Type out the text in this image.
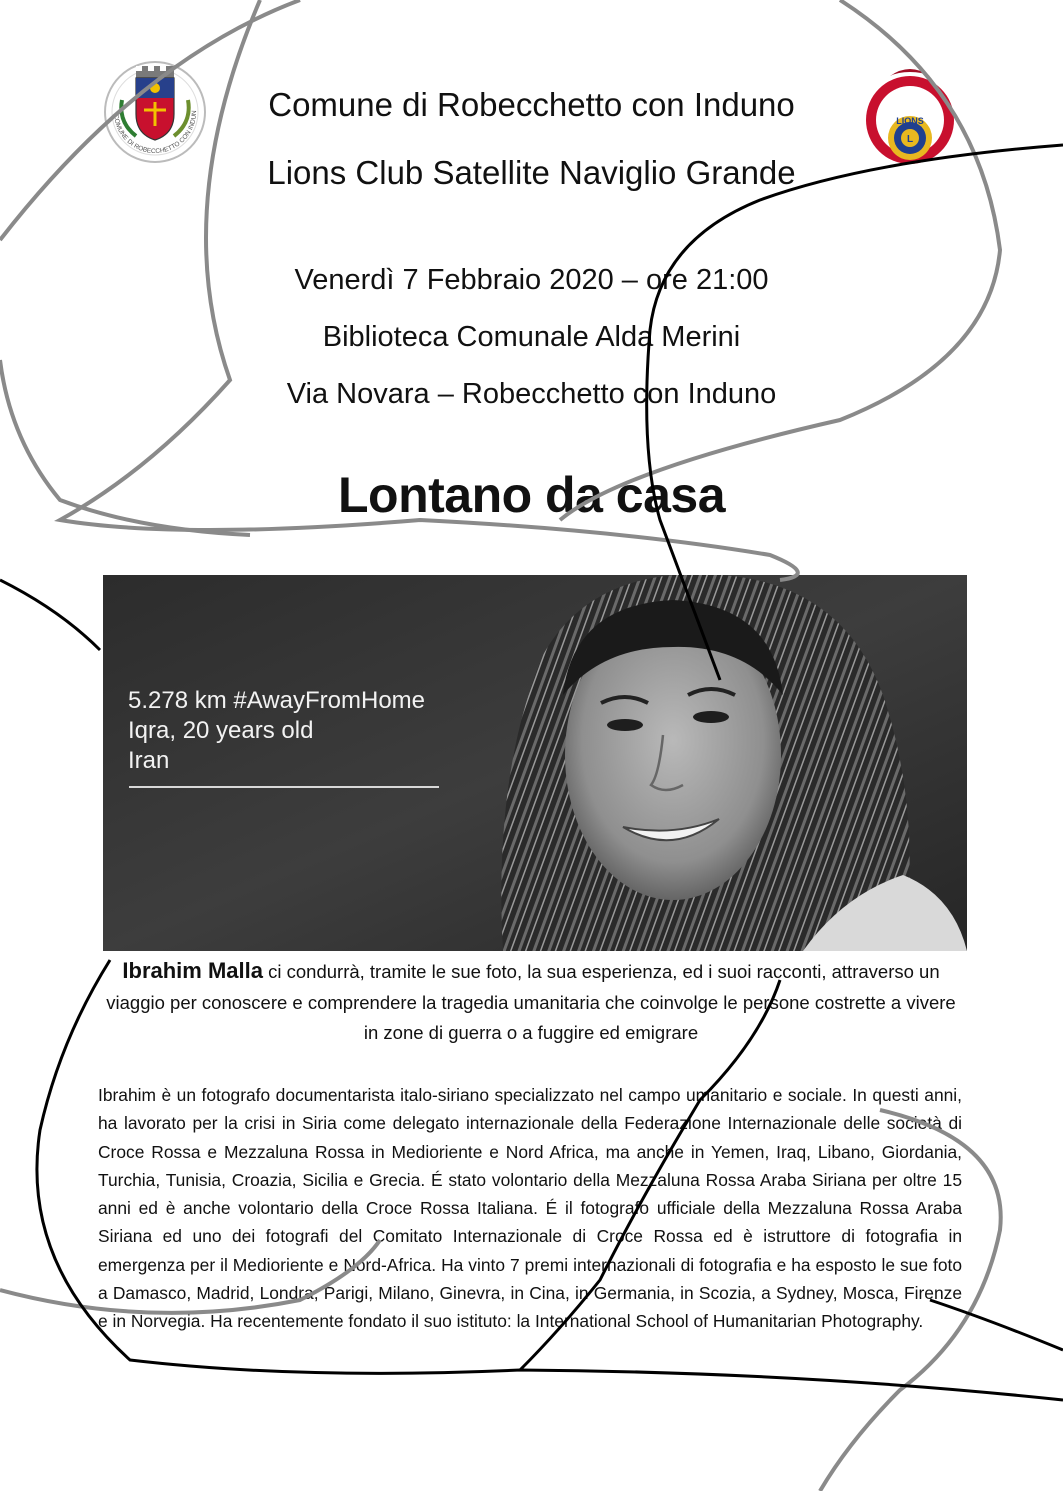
COMUNE DI ROBECCHETTO CON INDUN
L
LIONS
Comune di Robecchetto con Induno
Lions Club Satellite Naviglio Grande
Venerdì 7 Febbraio 2020 – ore 21:00
Biblioteca Comunale Alda Merini
Via Novara – Robecchetto con Induno
Lontano da casa
5.278 km #AwayFromHome
Iqra, 20 years old
Iran
Ibrahim Malla ci condurrà, tramite le sue foto, la sua esperienza, ed i suoi racconti, attraverso un viaggio per conoscere e comprendere la tragedia umanitaria che coinvolge le persone costrette a vivere in zone di guerra o a fuggire ed emigrare
Ibrahim è un fotografo documentarista italo-siriano specializzato nel campo umanitario e sociale. In questi anni, ha lavorato per la crisi in Siria come delegato internazionale della Federazione Internazionale delle società di Croce Rossa e Mezzaluna Rossa in Medioriente e Nord Africa, ma anche in Yemen, Iraq, Libano, Giordania, Turchia, Tunisia, Croazia, Sicilia e Grecia. É stato volontario della Mezzaluna Rossa Araba Siriana per oltre 15 anni ed è anche volontario della Croce Rossa Italiana. É il fotografo ufficiale della Mezzaluna Rossa Araba Siriana ed uno dei fotografi del Comitato Internazionale di Croce Rossa ed è istruttore di fotografia in emergenza per il Medioriente e Nord-Africa. Ha vinto 7 premi internazionali di fotografia e ha esposto le sue foto a Damasco, Madrid, Londra, Parigi, Milano, Ginevra, in Cina, in Germania, in Scozia, a Sydney, Mosca, Firenze e in Norvegia. Ha recentemente fondato il suo istituto: la International School of Humanitarian Photography.
